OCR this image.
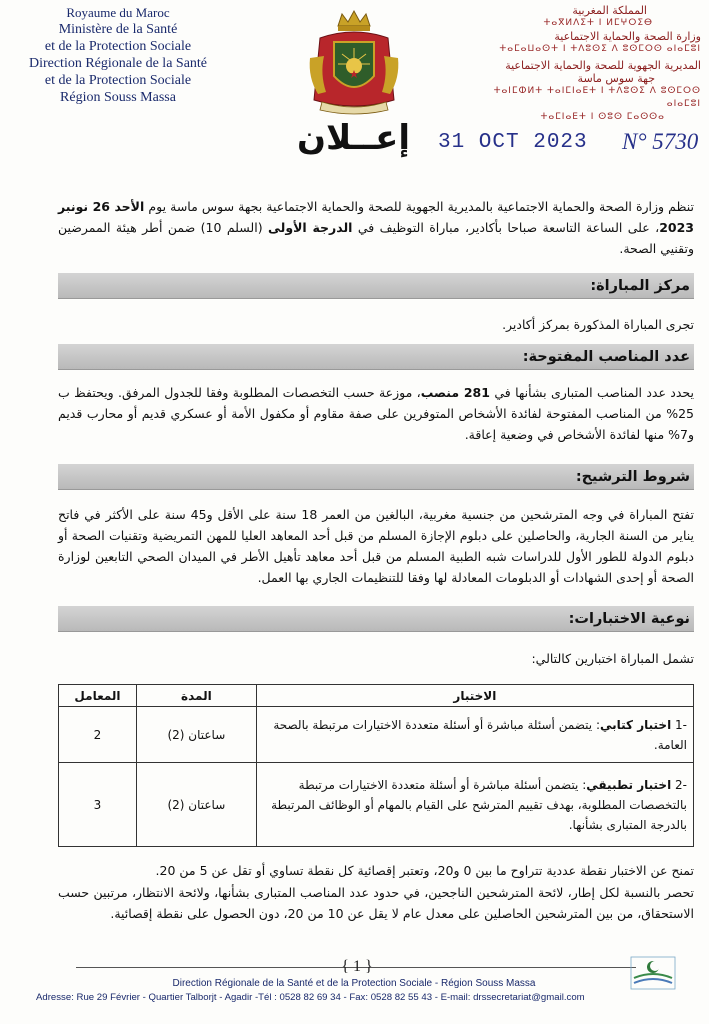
Royaume du Maroc
Ministère de la Santé
et de la Protection Sociale
Direction Régionale de la Santé
et de la Protection Sociale
Région Souss Massa
المملكة المغربية
ⵜⴰⴳⵍⴷⵉⵜ ⵏ ⵍⵎⵖⵔⵉⴱ
وزارة الصحة والحماية الاجتماعية
ⵜⴰⵎⴰⵡⴰⵙⵜ ⵏ ⵜⴷⵓⵙⵉ ⴷ ⵓⵙⵎⵔⵙ ⴰⵏⴰⵎⵓⵏ
المديرية الجهوية للصحة والحماية الاجتماعية
جهة سوس ماسة
ⵜⴰⵏⵎⵀⵍⵜ ⵜⴰⵏⵎⵏⴰⴹⵜ ⵏ ⵜⴷⵓⵙⵉ ⴷ ⵓⵙⵎⵔⵙ ⴰⵏⴰⵎⵓⵏ
ⵜⴰⵎⵏⴰⴹⵜ ⵏ ⵙⵓⵙ ⵎⴰⵙⵙⴰ
إعــلان 31 OCT 2023 N° 5730
تنظم وزارة الصحة والحماية الاجتماعية بالمديرية الجهوية للصحة والحماية الاجتماعية بجهة سوس ماسة يوم الأحد 26 نونبر 2023، على الساعة التاسعة صباحا بأكادير، مباراة التوظيف في الدرجة الأولى (السلم 10) ضمن أطر هيئة الممرضين وتقنيي الصحة.
مركز المباراة:
تجرى المباراة المذكورة بمركز أكادير.
عدد المناصب المفتوحة:
يحدد عدد المناصب المتبارى بشأنها في 281 منصب، موزعة حسب التخصصات المطلوبة وفقا للجدول المرفق. ويحتفظ ب 25% من المناصب المفتوحة لفائدة الأشخاص المتوفرين على صفة مقاوم أو مكفول الأمة أو عسكري قديم أو محارب قديم و7% منها لفائدة الأشخاص في وضعية إعاقة.
شروط الترشيح:
تفتح المباراة في وجه المترشحين من جنسية مغربية، البالغين من العمر 18 سنة على الأقل و45 سنة على الأكثر في فاتح يناير من السنة الجارية، والحاصلين على دبلوم الإجازة المسلم من قبل أحد المعاهد العليا للمهن التمريضية وتقنيات الصحة أو دبلوم الدولة للطور الأول للدراسات شبه الطبية المسلم من قبل أحد معاهد تأهيل الأطر في الميدان الصحي التابعين لوزارة الصحة أو إحدى الشهادات أو الدبلومات المعادلة لها وفقا للتنظيمات الجاري بها العمل.
نوعية الاختبارات:
تشمل المباراة اختبارين كالتالي:
الاختبار	المدة	المعامل
-1 اختبار كتابي: يتضمن أسئلة مباشرة أو أسئلة متعددة الاختيارات مرتبطة بالصحة العامة.	ساعتان (2)	2
-2 اختبار تطبيقي: يتضمن أسئلة مباشرة أو أسئلة متعددة الاختيارات مرتبطة بالتخصصات المطلوبة، بهدف تقييم المترشح على القيام بالمهام أو الوظائف المرتبطة بالدرجة المتبارى بشأنها.	ساعتان (2)	3
تمنح عن الاختبار نقطة عددية تتراوح ما بين 0 و20، وتعتبر إقصائية كل نقطة تساوي أو تقل عن 5 من 20.
تحصر بالنسبة لكل إطار، لائحة المترشحين الناجحين، في حدود عدد المناصب المتبارى بشأنها، ولائحة الانتظار، مرتبين حسب الاستحقاق، من بين المترشحين الحاصلين على معدل عام لا يقل عن 10 من 20، دون الحصول على نقطة إقصائية.
{ 1 }
Direction Régionale de la Santé et de la Protection Sociale - Région Souss Massa
Adresse: Rue 29 Février - Quartier Talborjt - Agadir -Tél : 0528 82 69 34 - Fax: 0528 82 55 43 - E-mail: drssecretariat@gmail.com
